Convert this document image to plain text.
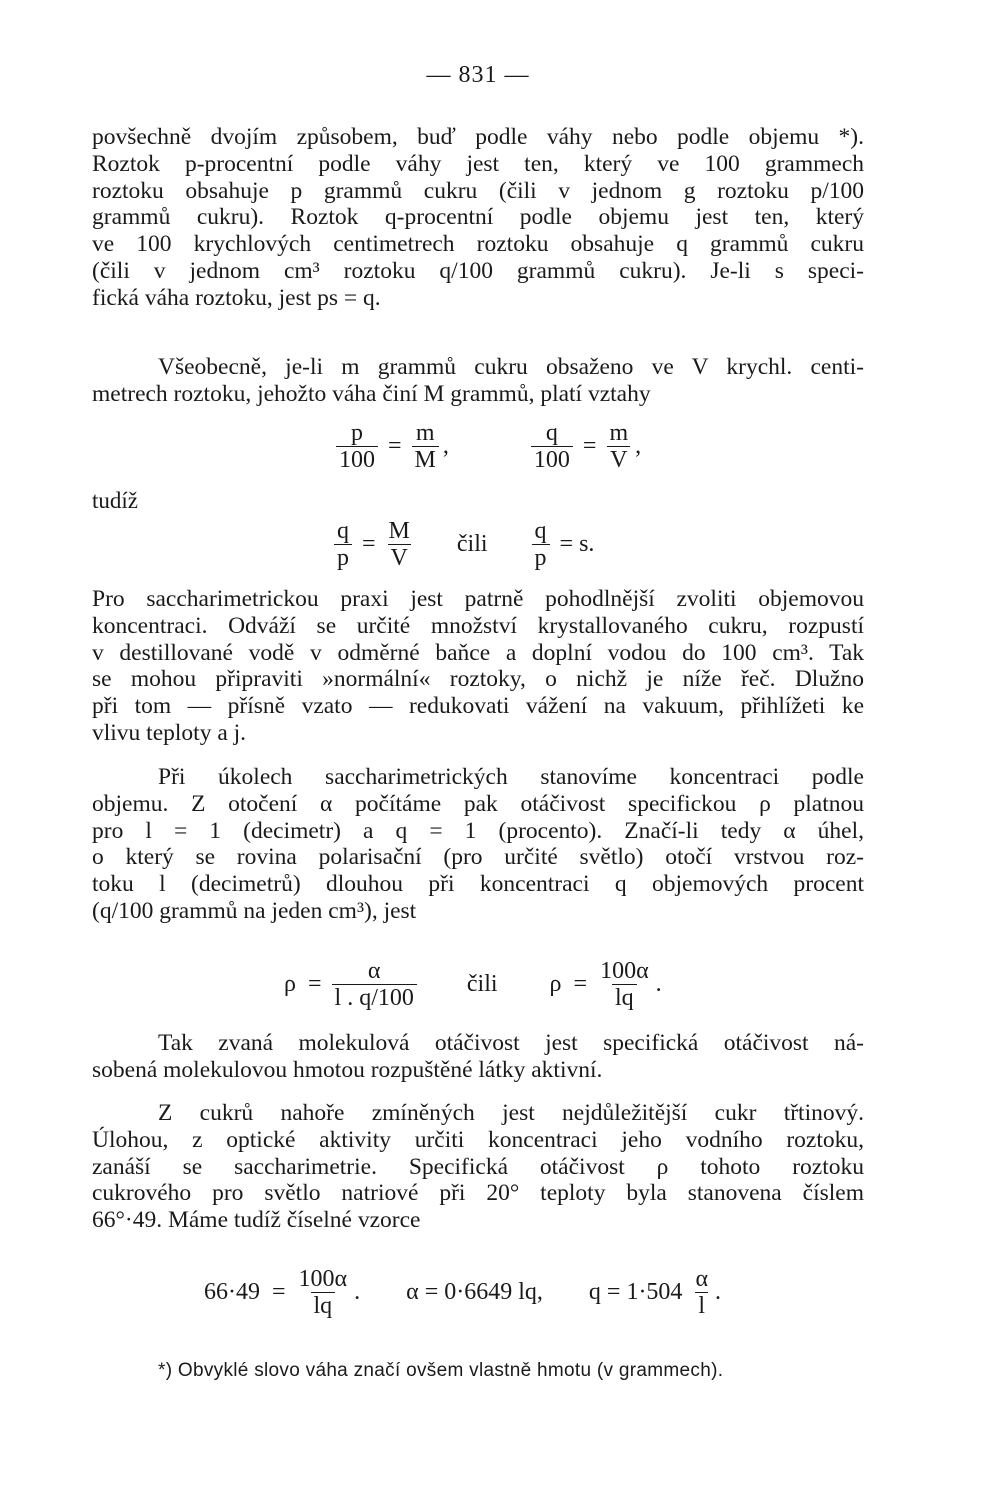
— 831 —
povšechně dvojím způsobem, buď podle váhy nebo podle objemu *).
Roztok p-procentní podle váhy jest ten, který ve 100 grammech
roztoku obsahuje p grammů cukru (čili v jednom g roztoku p/100
grammů cukru). Roztok q-procentní podle objemu jest ten, který
ve 100 krychlových centimetrech roztoku obsahuje q grammů cukru
(čili v jednom cm³ roztoku q/100 grammů cukru). Je-li s speci-
fická váha roztoku, jest ps = q.
Všeobecně, je-li m grammů cukru obsaženo ve V krychl. centi-
metrech roztoku, jehožto váha činí M grammů, platí vztahy
$\frac{p}{100} = \frac{m}{M}$ ,	$\frac{q}{100} = \frac{m}{V}$ ,
tudíž
$\frac{q}{p} = \frac{M}{V}$ čili $\frac{q}{p} = s$.
Pro saccharimetrickou praxi jest patrně pohodlnější zvoliti objemovou
koncentraci. Odváží se určité množství krystallovaného cukru, rozpustí
v destillované vodě v odměrné baňce a doplní vodou do 100 cm³. Tak
se mohou připraviti »normální« roztoky, o nichž je níže řeč. Dlužno
při tom — přísně vzato — redukovati vážení na vakuum, přihlížeti ke
vlivu teploty a j.
Při úkolech saccharimetrických stanovíme koncentraci podle
objemu. Z otočení α počítáme pak otáčivost specifickou ρ platnou
pro l = 1 (decimetr) a q = 1 (procento). Značí-li tedy α úhel,
o který se rovina polarisační (pro určité světlo) otočí vrstvou roz-
toku l (decimetrů) dlouhou při koncentraci q objemových procent
(q/100 grammů na jeden cm³), jest
$\rho = \frac{\alpha}{l . q/100}$ čili $\rho = \frac{100\alpha}{lq}$ .
Tak zvaná molekulová otáčivost jest specifická otáčivost ná-
sobená molekulovou hmotou rozpuštěné látky aktivní.
Z cukrů nahoře zmíněných jest nejdůležitější cukr třtinový.
Úlohou, z optické aktivity určiti koncentraci jeho vodního roztoku,
zanáší se saccharimetrie. Specifická otáčivost ρ tohoto roztoku
cukrového pro světlo natriové při 20° teploty byla stanovena číslem
66°·49. Máme tudíž číselné vzorce
$66\cdot 49 = \frac{100\alpha}{lq}$ . α = 0·6649 lq, $q = 1\cdot 504 \frac{\alpha}{l}$ .
*) Obvyklé slovo váha značí ovšem vlastně hmotu (v grammech).
